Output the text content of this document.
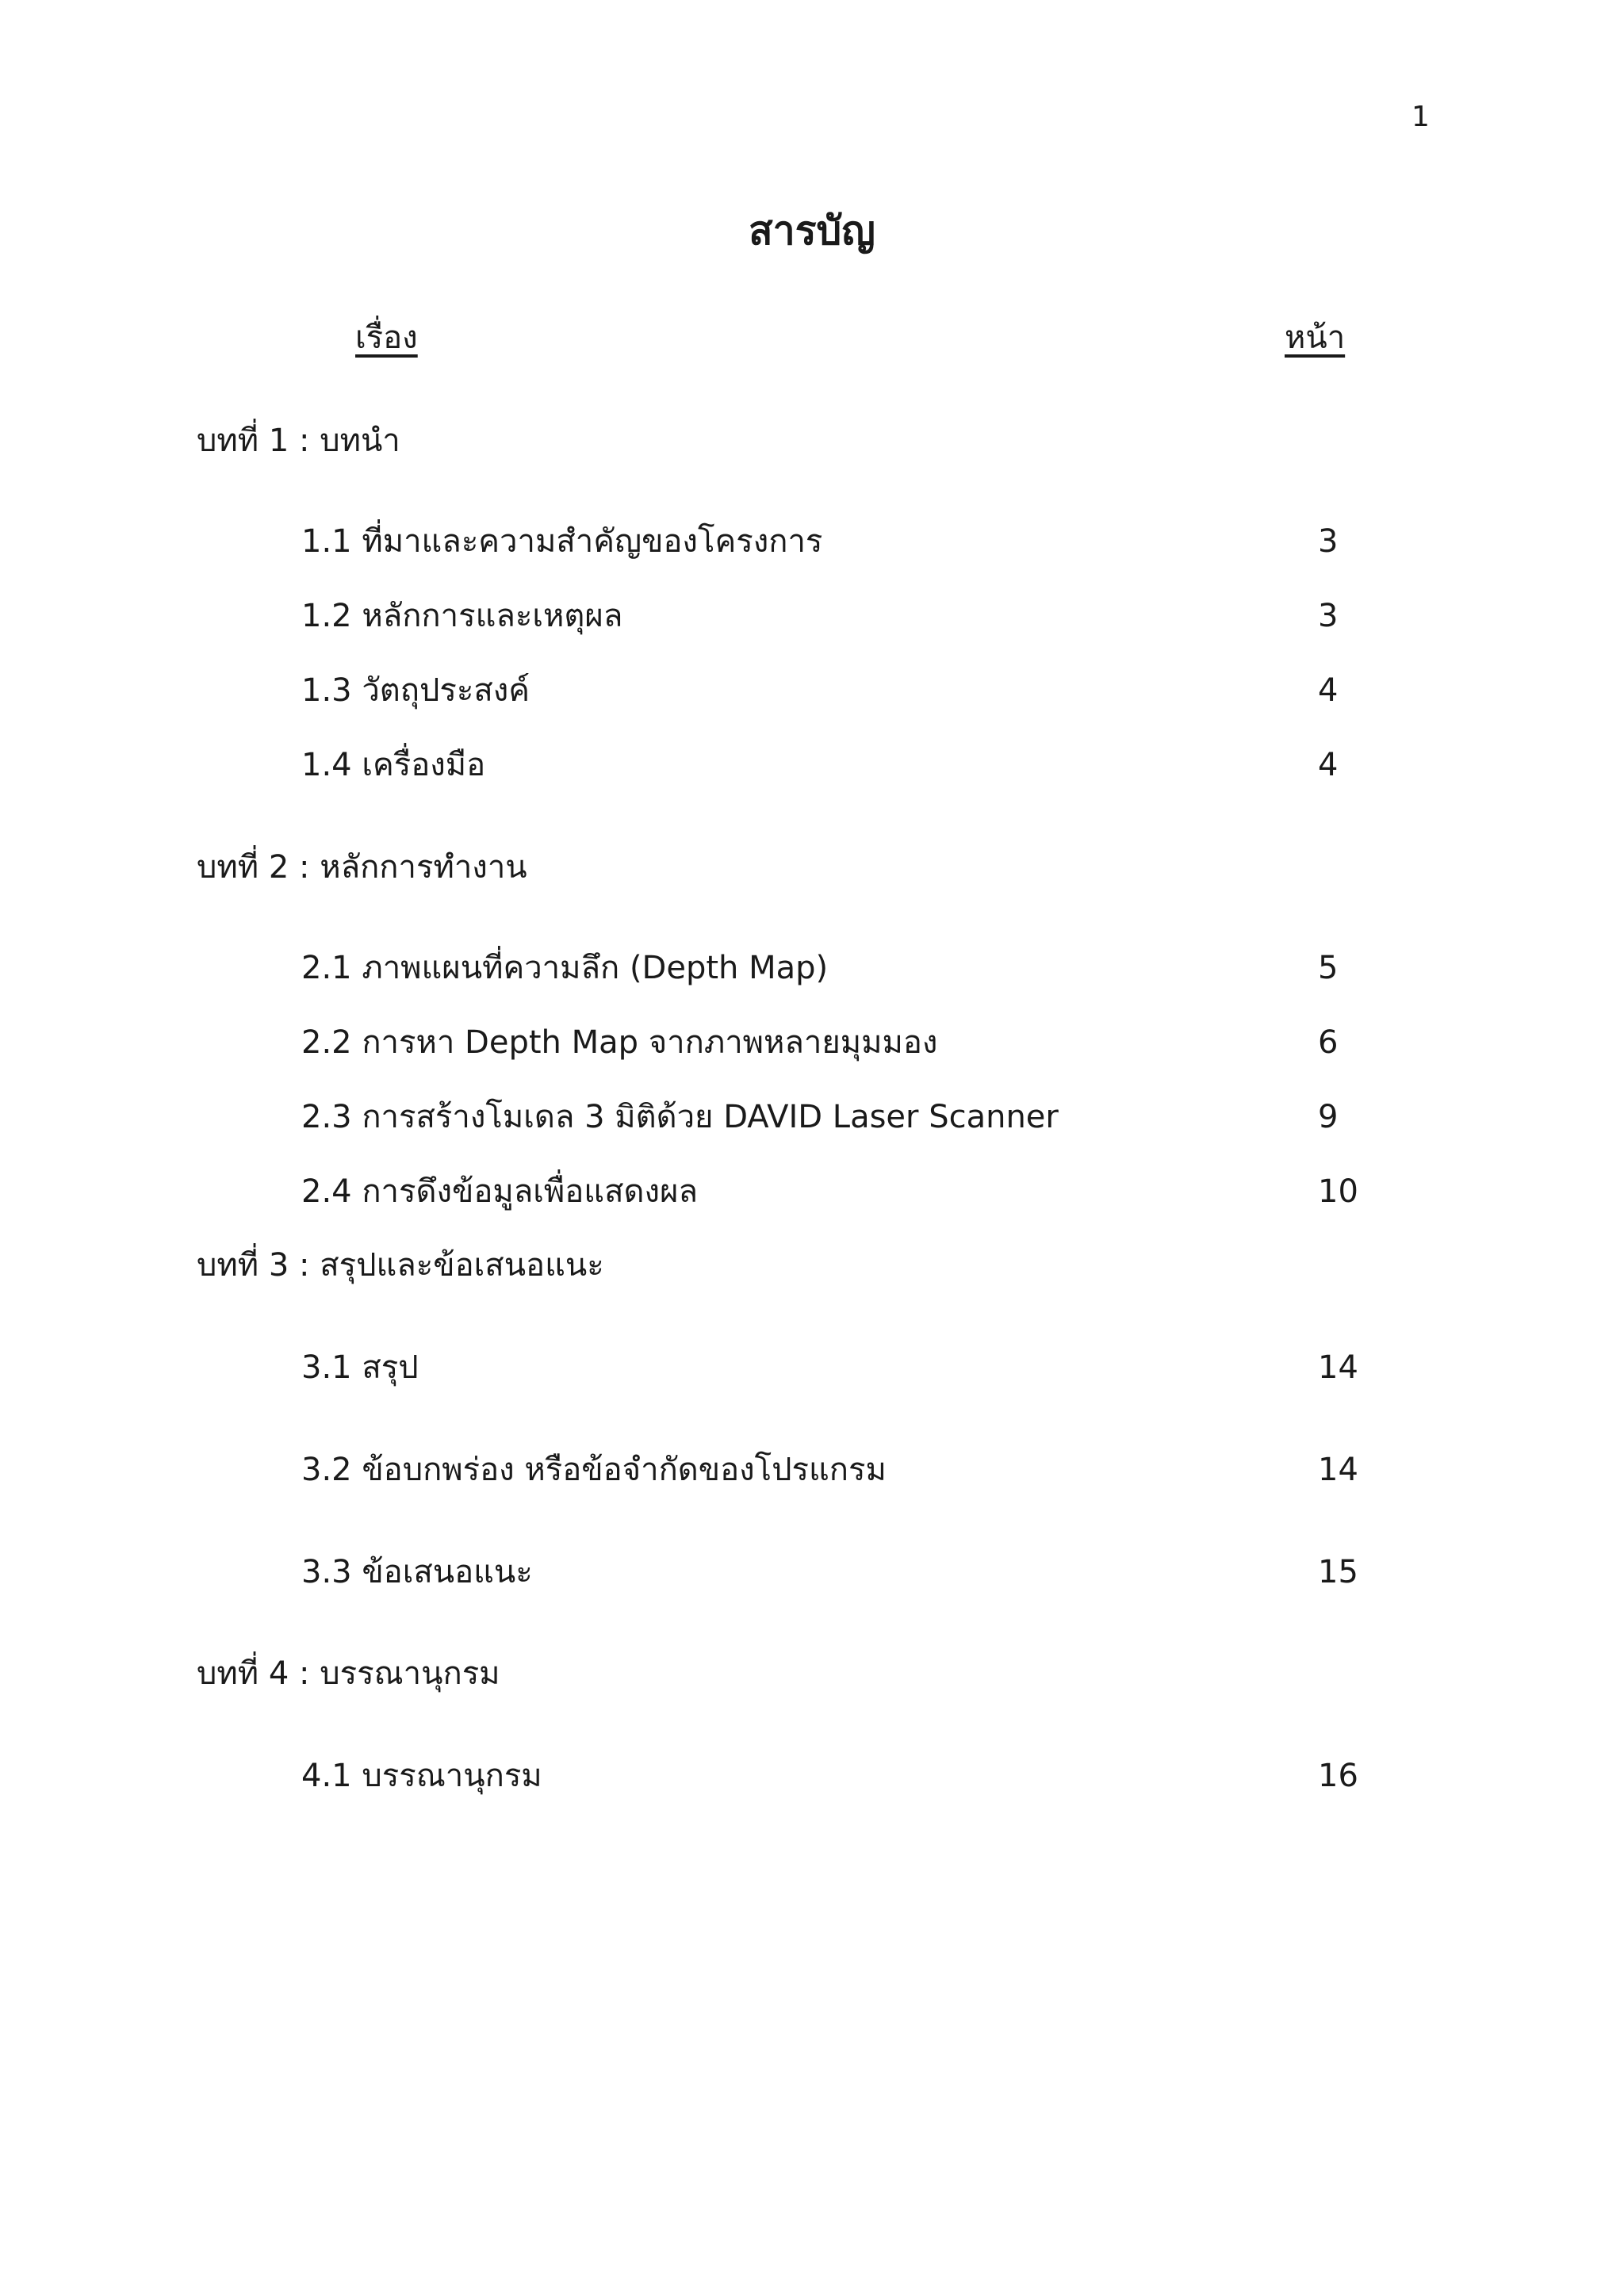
1
สารบัญ
เรื่อง	หน้า
บทที่ 1 : บทนำ
1.1 ที่มาและความสำคัญของโครงการ	3
1.2 หลักการและเหตุผล	3
1.3 วัตถุประสงค์	4
1.4 เครื่องมือ	4
บทที่ 2 : หลักการทำงาน
2.1 ภาพแผนที่ความลึก (Depth Map)	5
2.2 การหา Depth Map จากภาพหลายมุมมอง	6
2.3 การสร้างโมเดล 3 มิติด้วย DAVID Laser Scanner	9
2.4 การดึงข้อมูลเพื่อแสดงผล	10
บทที่ 3 : สรุปและข้อเสนอแนะ
3.1 สรุป	14
3.2 ข้อบกพร่อง หรือข้อจำกัดของโปรแกรม	14
3.3 ข้อเสนอแนะ	15
บทที่ 4 : บรรณานุกรม
4.1 บรรณานุกรม	16
